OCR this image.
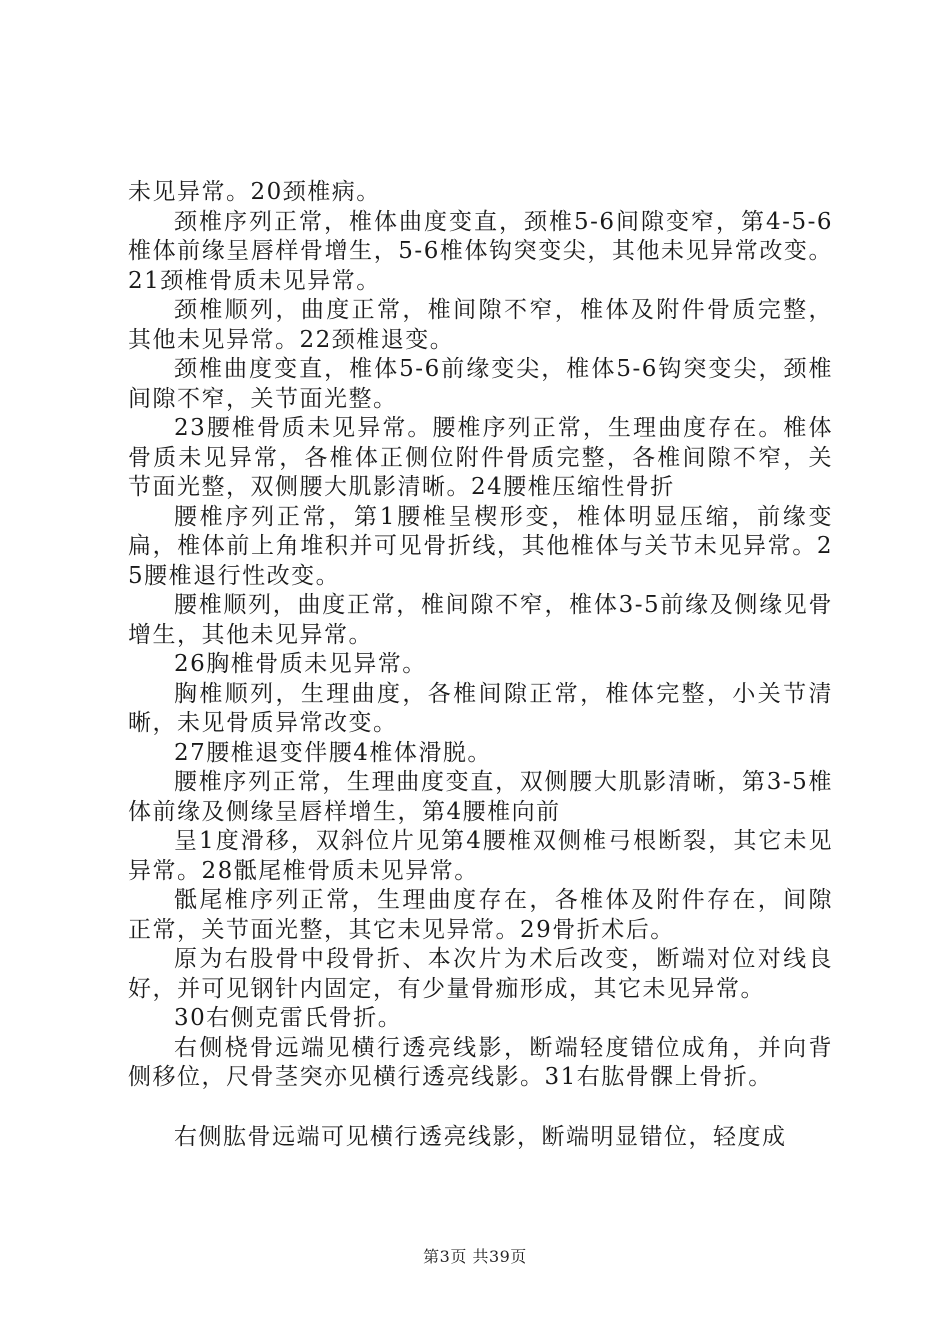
未见异常。20颈椎病。

颈椎序列正常，椎体曲度变直，颈椎5-6间隙变窄，第4-5-6椎体前缘呈唇样骨增生，5-6椎体钩突变尖，其他未见异常改变。21颈椎骨质未见异常。

颈椎顺列，曲度正常，椎间隙不窄，椎体及附件骨质完整，其他未见异常。22颈椎退变。

颈椎曲度变直，椎体5-6前缘变尖，椎体5-6钩突变尖，颈椎间隙不窄，关节面光整。

23腰椎骨质未见异常。腰椎序列正常，生理曲度存在。椎体骨质未见异常，各椎体正侧位附件骨质完整，各椎间隙不窄，关节面光整，双侧腰大肌影清晰。24腰椎压缩性骨折

腰椎序列正常，第1腰椎呈楔形变，椎体明显压缩，前缘变扁，椎体前上角堆积并可见骨折线，其他椎体与关节未见异常。25腰椎退行性改变。

腰椎顺列，曲度正常，椎间隙不窄，椎体3-5前缘及侧缘见骨增生，其他未见异常。

26胸椎骨质未见异常。

胸椎顺列，生理曲度，各椎间隙正常，椎体完整，小关节清晰，未见骨质异常改变。

27腰椎退变伴腰4椎体滑脱。

腰椎序列正常，生理曲度变直，双侧腰大肌影清晰，第3-5椎体前缘及侧缘呈唇样增生，第4腰椎向前

呈1度滑移，双斜位片见第4腰椎双侧椎弓根断裂，其它未见异常。28骶尾椎骨质未见异常。

骶尾椎序列正常，生理曲度存在，各椎体及附件存在，间隙正常，关节面光整，其它未见异常。29骨折术后。

原为右股骨中段骨折、本次片为术后改变，断端对位对线良好，并可见钢针内固定，有少量骨痂形成，其它未见异常。

30右侧克雷氏骨折。

右侧桡骨远端见横行透亮线影，断端轻度错位成角，并向背侧移位，尺骨茎突亦见横行透亮线影。31右肱骨髁上骨折。

右侧肱骨远端可见横行透亮线影，断端明显错位，轻度成

第3页 共39页
